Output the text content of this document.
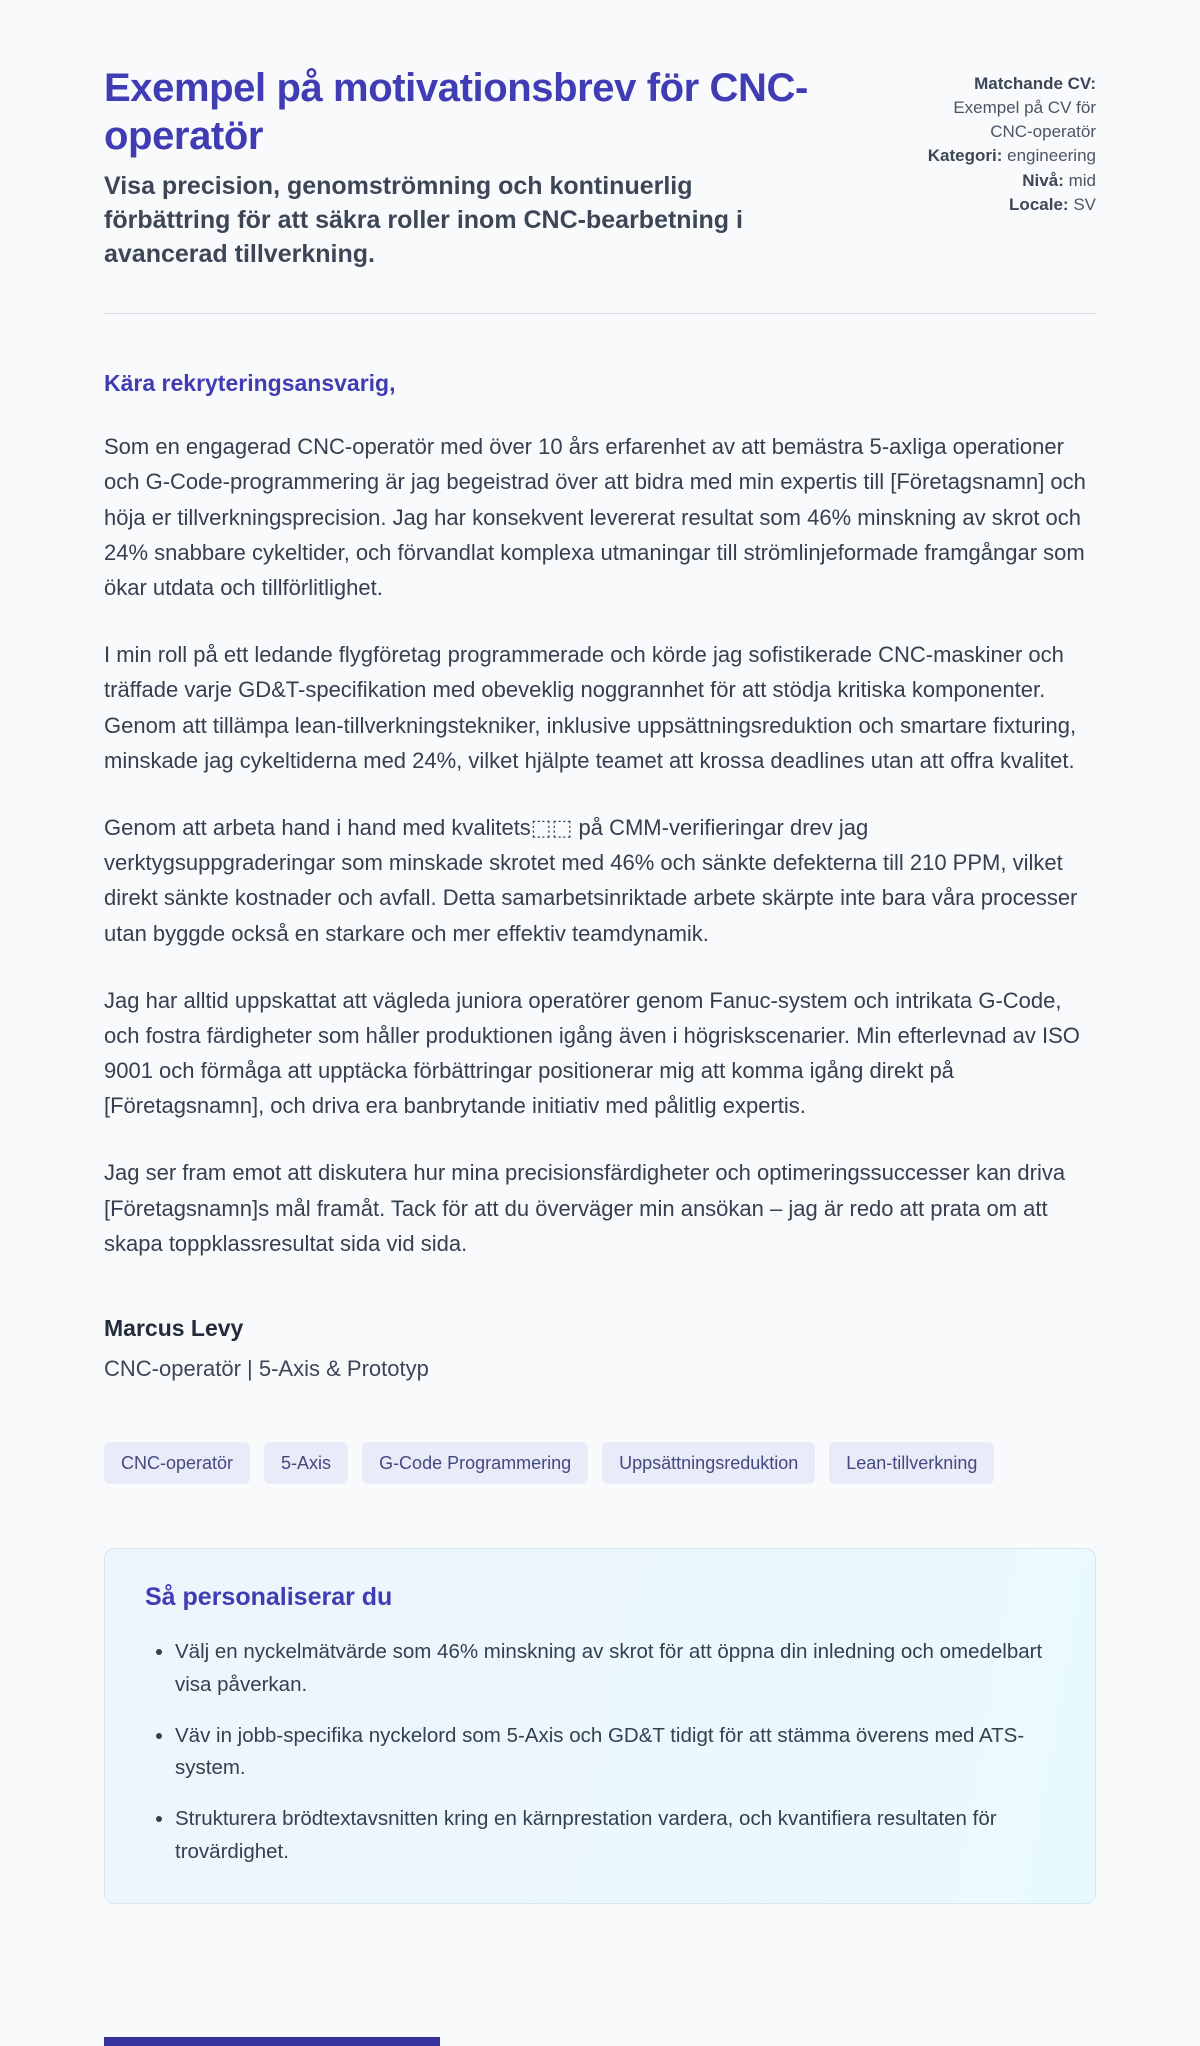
Exempel på motivationsbrev för CNC-operatör

Visa precision, genomströmning och kontinuerlig förbättring för att säkra roller inom CNC-bearbetning i avancerad tillverkning.

Matchande CV: Exempel på CV för CNC-operatör
Kategori: engineering
Nivå: mid
Locale: SV

Kära rekryteringsansvarig,

Som en engagerad CNC-operatör med över 10 års erfarenhet av att bemästra 5-axliga operationer och G-Code-programmering är jag begeistrad över att bidra med min expertis till [Företagsnamn] och höja er tillverkningsprecision. Jag har konsekvent levererat resultat som 46% minskning av skrot och 24% snabbare cykeltider, och förvandlat komplexa utmaningar till strömlinjeformade framgångar som ökar utdata och tillförlitlighet.

I min roll på ett ledande flygföretag programmerade och körde jag sofistikerade CNC-maskiner och träffade varje GD&T-specifikation med obeveklig noggrannhet för att stödja kritiska komponenter. Genom att tillämpa lean-tillverkningstekniker, inklusive uppsättningsreduktion och smartare fixturing, minskade jag cykeltiderna med 24%, vilket hjälpte teamet att krossa deadlines utan att offra kvalitet.

Genom att arbeta hand i hand med kvalitets⬚⬚ på CMM-verifieringar drev jag verktygsuppgraderingar som minskade skrotet med 46% och sänkte defekterna till 210 PPM, vilket direkt sänkte kostnader och avfall. Detta samarbetsinriktade arbete skärpte inte bara våra processer utan byggde också en starkare och mer effektiv teamdynamik.

Jag har alltid uppskattat att vägleda juniora operatörer genom Fanuc-system och intrikata G-Code, och fostra färdigheter som håller produktionen igång även i högriskscenarier. Min efterlevnad av ISO 9001 och förmåga att upptäcka förbättringar positionerar mig att komma igång direkt på [Företagsnamn], och driva era banbrytande initiativ med pålitlig expertis.

Jag ser fram emot att diskutera hur mina precisionsfärdigheter och optimeringssuccesser kan driva [Företagsnamn]s mål framåt. Tack för att du överväger min ansökan – jag är redo att prata om att skapa toppklassresultat sida vid sida.

Marcus Levy

CNC-operatör | 5-Axis & Prototyp

CNC-operatör	5-Axis	G-Code Programmering	Uppsättningsreduktion	Lean-tillverkning
Så personaliserar du
• Välj en nyckelmätvärde som 46% minskning av skrot för att öppna din inledning och omedelbart visa påverkan.
• Väv in jobb-specifika nyckelord som 5-Axis och GD&T tidigt för att stämma överens med ATS-system.
• Strukturera brödtextavsnitten kring en kärnprestation vardera, och kvantifiera resultaten för trovärdighet.
